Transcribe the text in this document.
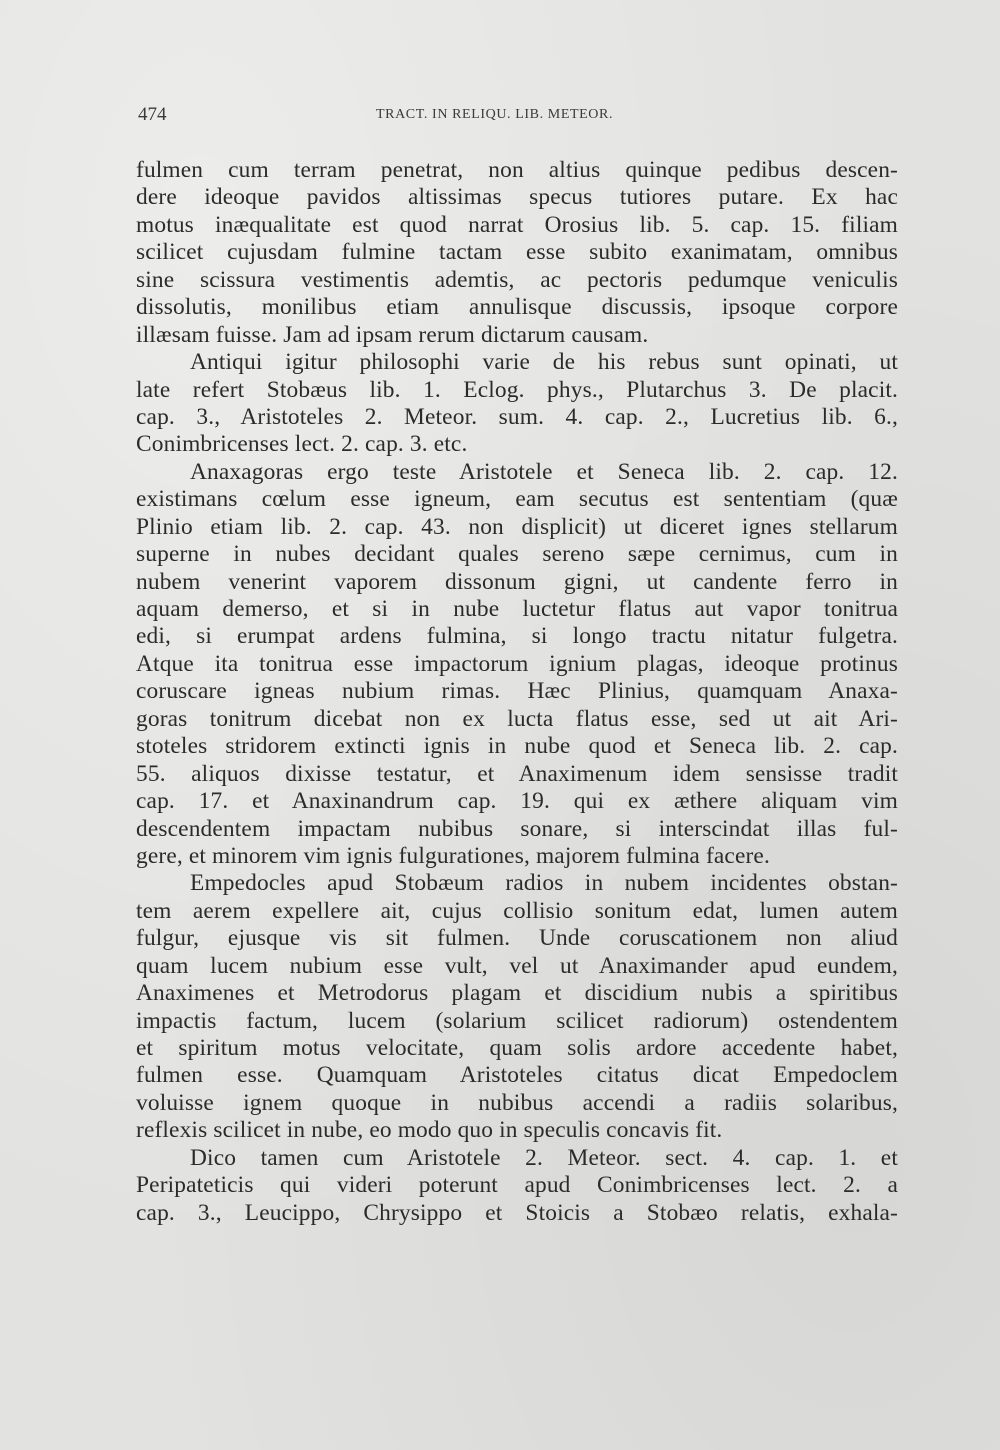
474	TRACT. IN RELIQU. LIB. METEOR.
fulmen cum terram penetrat, non altius quinque pedibus descen-
dere ideoque pavidos altissimas specus tutiores putare. Ex hac
motus inæqualitate est quod narrat Orosius lib. 5. cap. 15. filiam
scilicet cujusdam fulmine tactam esse subito exanimatam, omnibus
sine scissura vestimentis ademtis, ac pectoris pedumque veniculis
dissolutis, monilibus etiam annulisque discussis, ipsoque corpore
illæsam fuisse. Jam ad ipsam rerum dictarum causam.
Antiqui igitur philosophi varie de his rebus sunt opinati, ut
late refert Stobæus lib. 1. Eclog. phys., Plutarchus 3. De placit.
cap. 3., Aristoteles 2. Meteor. sum. 4. cap. 2., Lucretius lib. 6.,
Conimbricenses lect. 2. cap. 3. etc.
Anaxagoras ergo teste Aristotele et Seneca lib. 2. cap. 12.
existimans cœlum esse igneum, eam secutus est sententiam (quæ
Plinio etiam lib. 2. cap. 43. non displicit) ut diceret ignes stellarum
superne in nubes decidant quales sereno sæpe cernimus, cum in
nubem venerint vaporem dissonum gigni, ut candente ferro in
aquam demerso, et si in nube luctetur flatus aut vapor tonitrua
edi, si erumpat ardens fulmina, si longo tractu nitatur fulgetra.
Atque ita tonitrua esse impactorum ignium plagas, ideoque protinus
coruscare igneas nubium rimas. Hæc Plinius, quamquam Anaxa-
goras tonitrum dicebat non ex lucta flatus esse, sed ut ait Ari-
stoteles stridorem extincti ignis in nube quod et Seneca lib. 2. cap.
55. aliquos dixisse testatur, et Anaximenum idem sensisse tradit
cap. 17. et Anaxinandrum cap. 19. qui ex æthere aliquam vim
descendentem impactam nubibus sonare, si interscindat illas ful-
gere, et minorem vim ignis fulgurationes, majorem fulmina facere.
Empedocles apud Stobæum radios in nubem incidentes obstan-
tem aerem expellere ait, cujus collisio sonitum edat, lumen autem
fulgur, ejusque vis sit fulmen. Unde coruscationem non aliud
quam lucem nubium esse vult, vel ut Anaximander apud eundem,
Anaximenes et Metrodorus plagam et discidium nubis a spiritibus
impactis factum, lucem (solarium scilicet radiorum) ostendentem
et spiritum motus velocitate, quam solis ardore accedente habet,
fulmen esse. Quamquam Aristoteles citatus dicat Empedoclem
voluisse ignem quoque in nubibus accendi a radiis solaribus,
reflexis scilicet in nube, eo modo quo in speculis concavis fit.
Dico tamen cum Aristotele 2. Meteor. sect. 4. cap. 1. et
Peripateticis qui videri poterunt apud Conimbricenses lect. 2. a
cap. 3., Leucippo, Chrysippo et Stoicis a Stobæo relatis, exhala-
